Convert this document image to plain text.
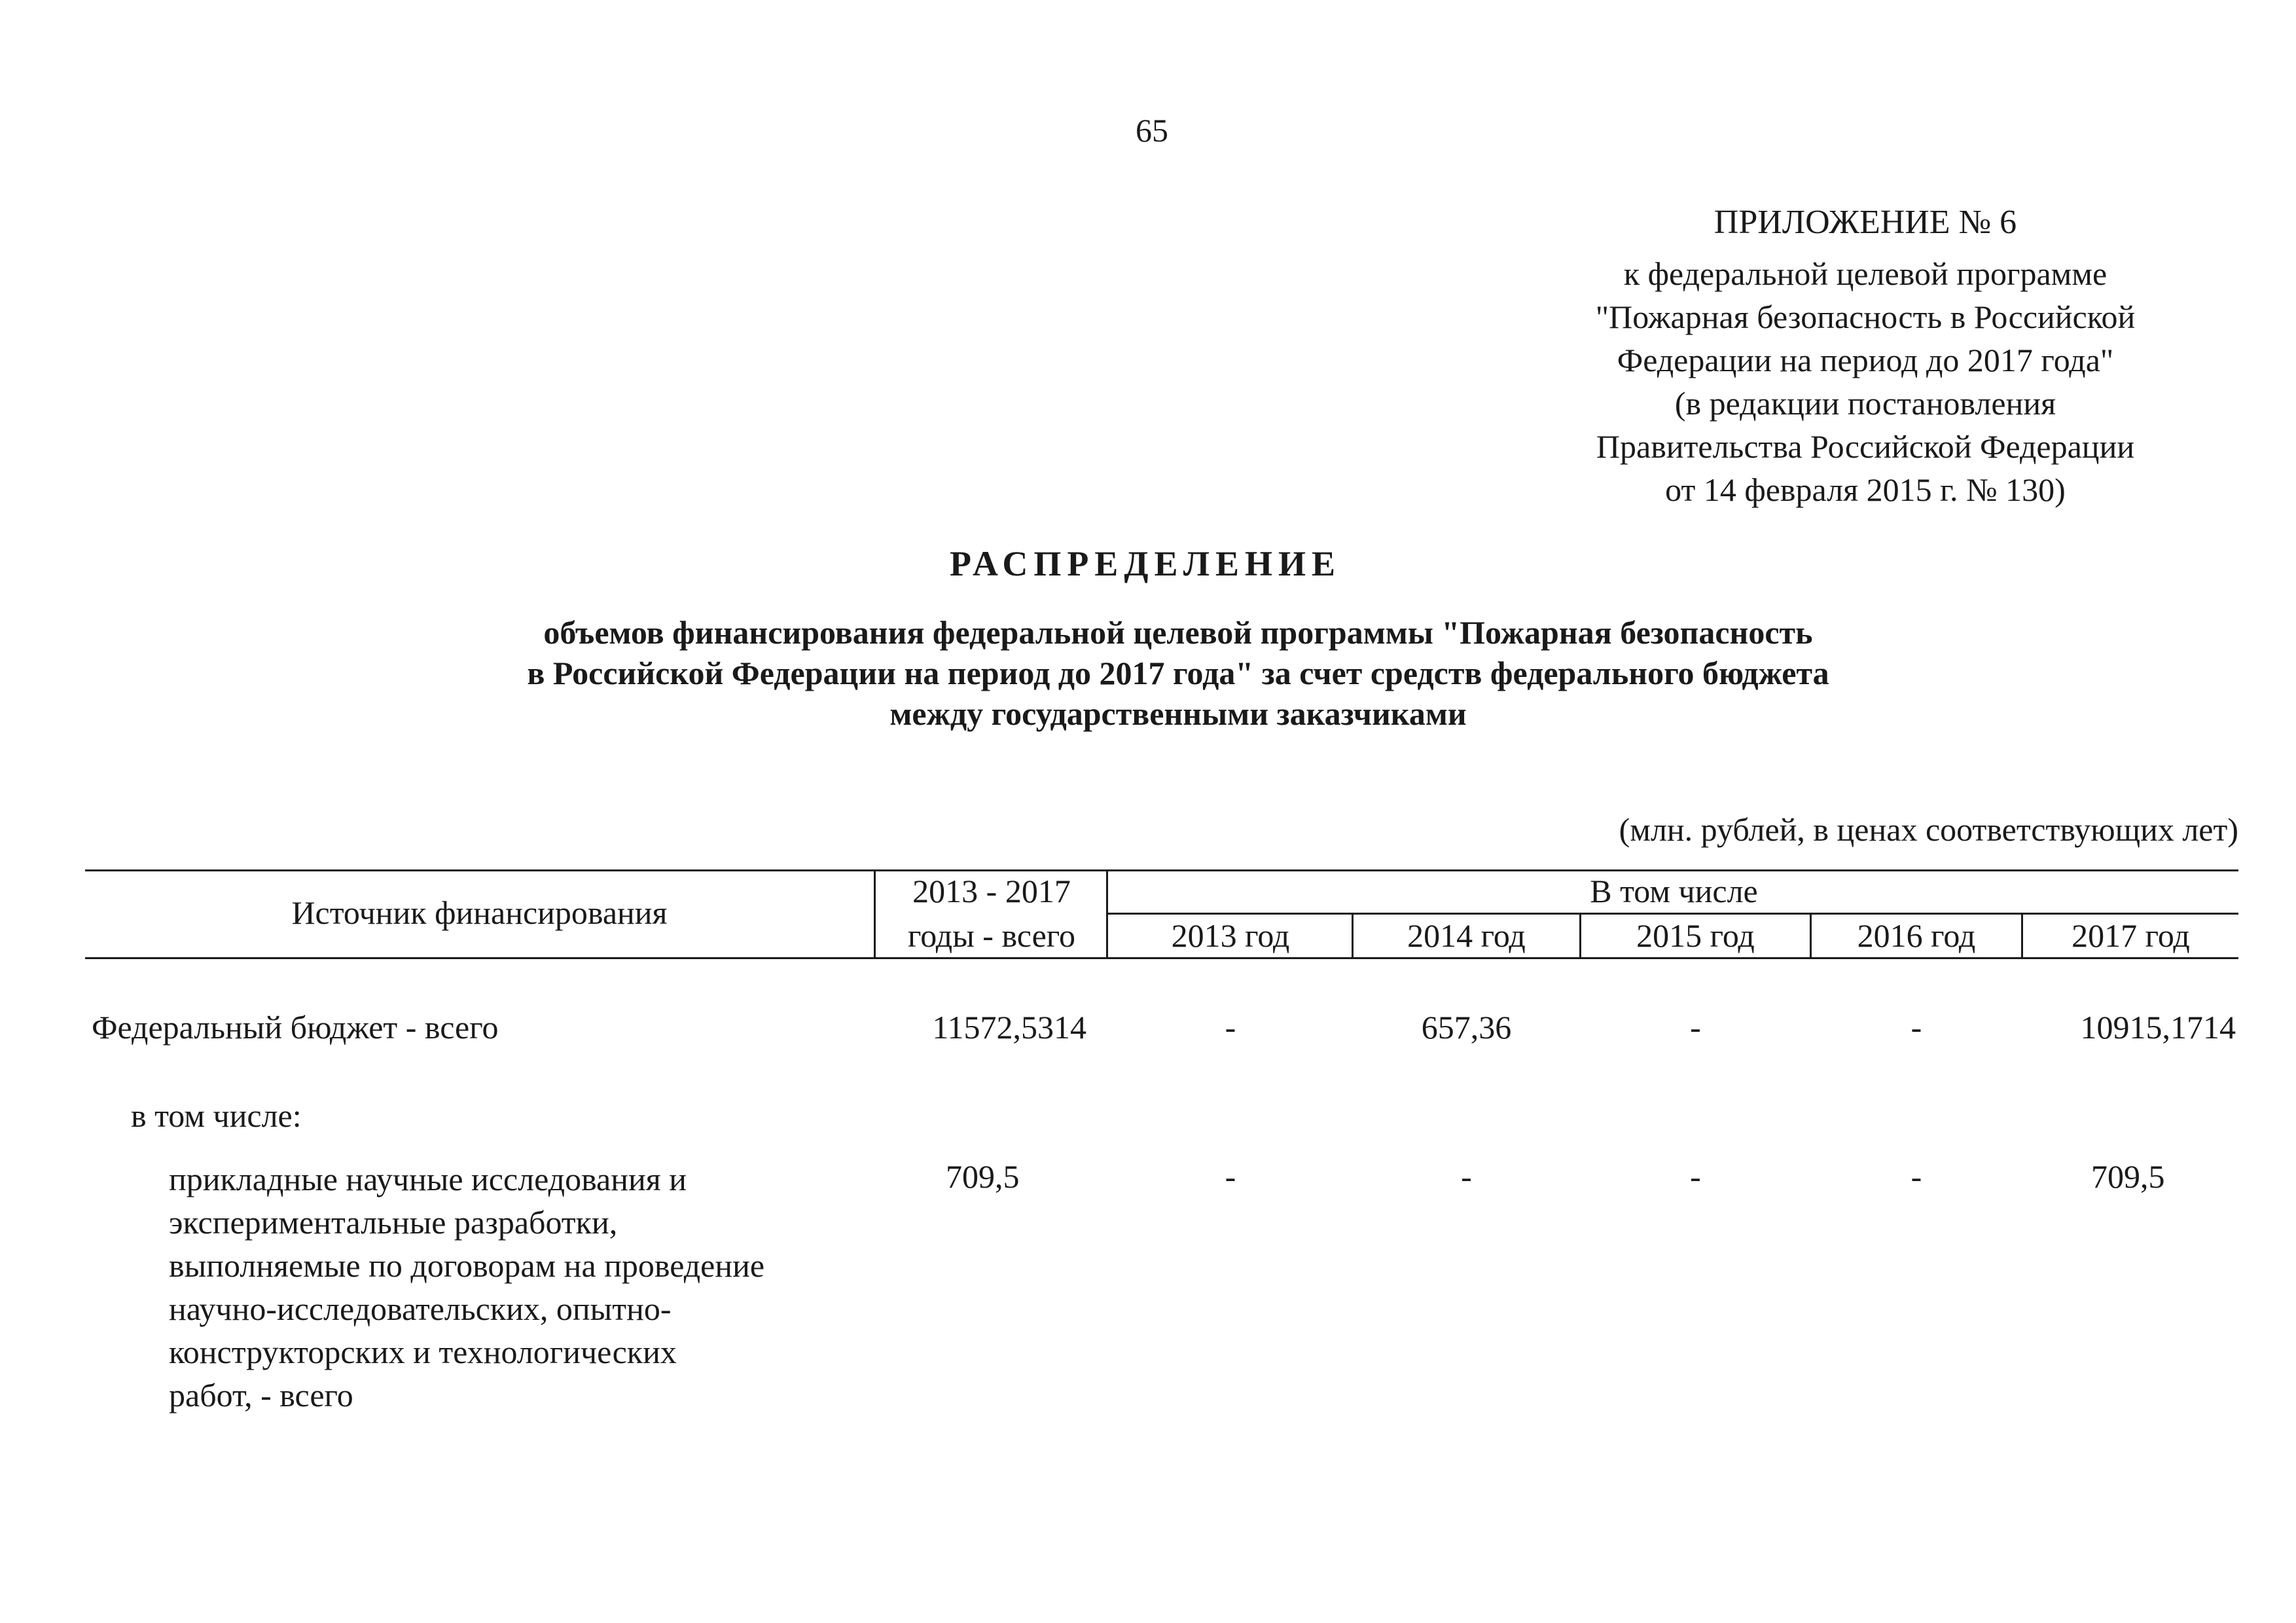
65
ПРИЛОЖЕНИЕ № 6
к федеральной целевой программе
"Пожарная безопасность в Российской
Федерации на период до 2017 года"
(в редакции постановления
Правительства Российской Федерации
от 14 февраля 2015 г. № 130)
РАСПРЕДЕЛЕНИЕ
объемов финансирования федеральной целевой программы "Пожарная безопасность
в Российской Федерации на период до 2017 года" за счет средств федерального бюджета
между государственными заказчиками
(млн. рублей, в ценах соответствующих лет)
Источник финансирования
2013 - 2017
годы - всего
В том числе
2013 год	2014 год	2015 год	2016 год	2017 год
Федеральный бюджет - всего	11572,5314	-	657,36	-	-	10915,1714
в том числе:
прикладные научные исследования и
экспериментальные разработки,
выполняемые по договорам на проведение
научно-исследовательских, опытно-
конструкторских и технологических
работ, - всего
709,5	-	-	-	-	709,5
